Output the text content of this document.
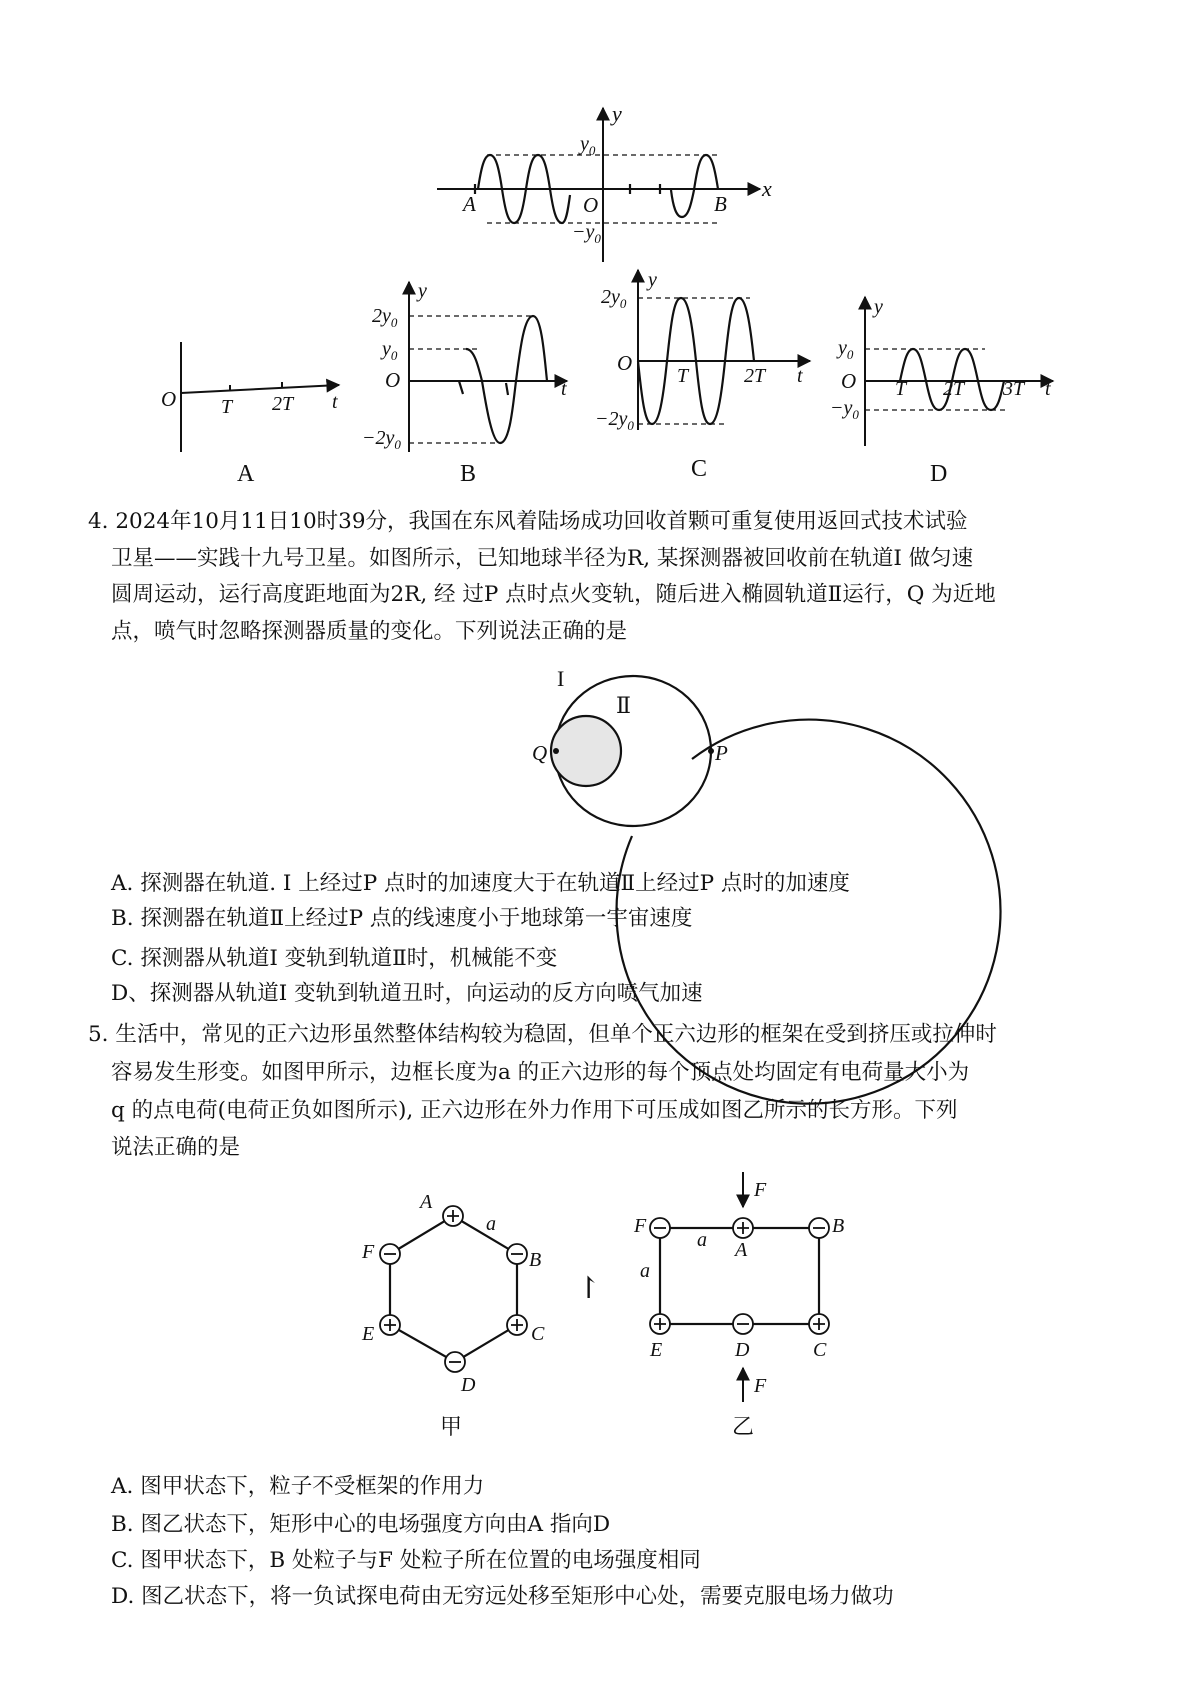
y
x
$y_0$
$-y_0$
O
A	B
O T 2T t
A
y
$2y_0$
$y_0$
O
$-2y_0$
t
B
y
$2y_0$
O
T	2T t
$-2y_0$
C
y
$y_0$
O T 2T 3T t
$-y_0$
D
I
Ⅱ
Q	P
A
a
B
C
D
E
F
甲
↾
F
F
F
a A
B
a
E	D	C
乙
4. 2024年10月11日10时39分，我国在东风着陆场成功回收首颗可重复使用返回式技术试验
卫星——实践十九号卫星。如图所示，已知地球半径为R, 某探测器被回收前在轨道I 做匀速
圆周运动，运行高度距地面为2R, 经 过P 点时点火变轨，随后进入椭圆轨道Ⅱ运行，Q 为近地
点，喷气时忽略探测器质量的变化。下列说法正确的是
A. 探测器在轨道. I 上经过P 点时的加速度大于在轨道Ⅱ上经过P 点时的加速度
B. 探测器在轨道Ⅱ上经过P 点的线速度小于地球第一宇宙速度
C. 探测器从轨道I 变轨到轨道Ⅱ时，机械能不变
D、探测器从轨道I 变轨到轨道丑时，向运动的反方向喷气加速
5. 生活中，常见的正六边形虽然整体结构较为稳固，但单个正六边形的框架在受到挤压或拉伸时
容易发生形变。如图甲所示，边框长度为a 的正六边形的每个顶点处均固定有电荷量大小为
q 的点电荷(电荷正负如图所示), 正六边形在外力作用下可压成如图乙所示的长方形。下列
说法正确的是
A. 图甲状态下，粒子不受框架的作用力
B. 图乙状态下，矩形中心的电场强度方向由A 指向D
C. 图甲状态下，B 处粒子与F 处粒子所在位置的电场强度相同
D. 图乙状态下，将一负试探电荷由无穷远处移至矩形中心处，需要克服电场力做功
